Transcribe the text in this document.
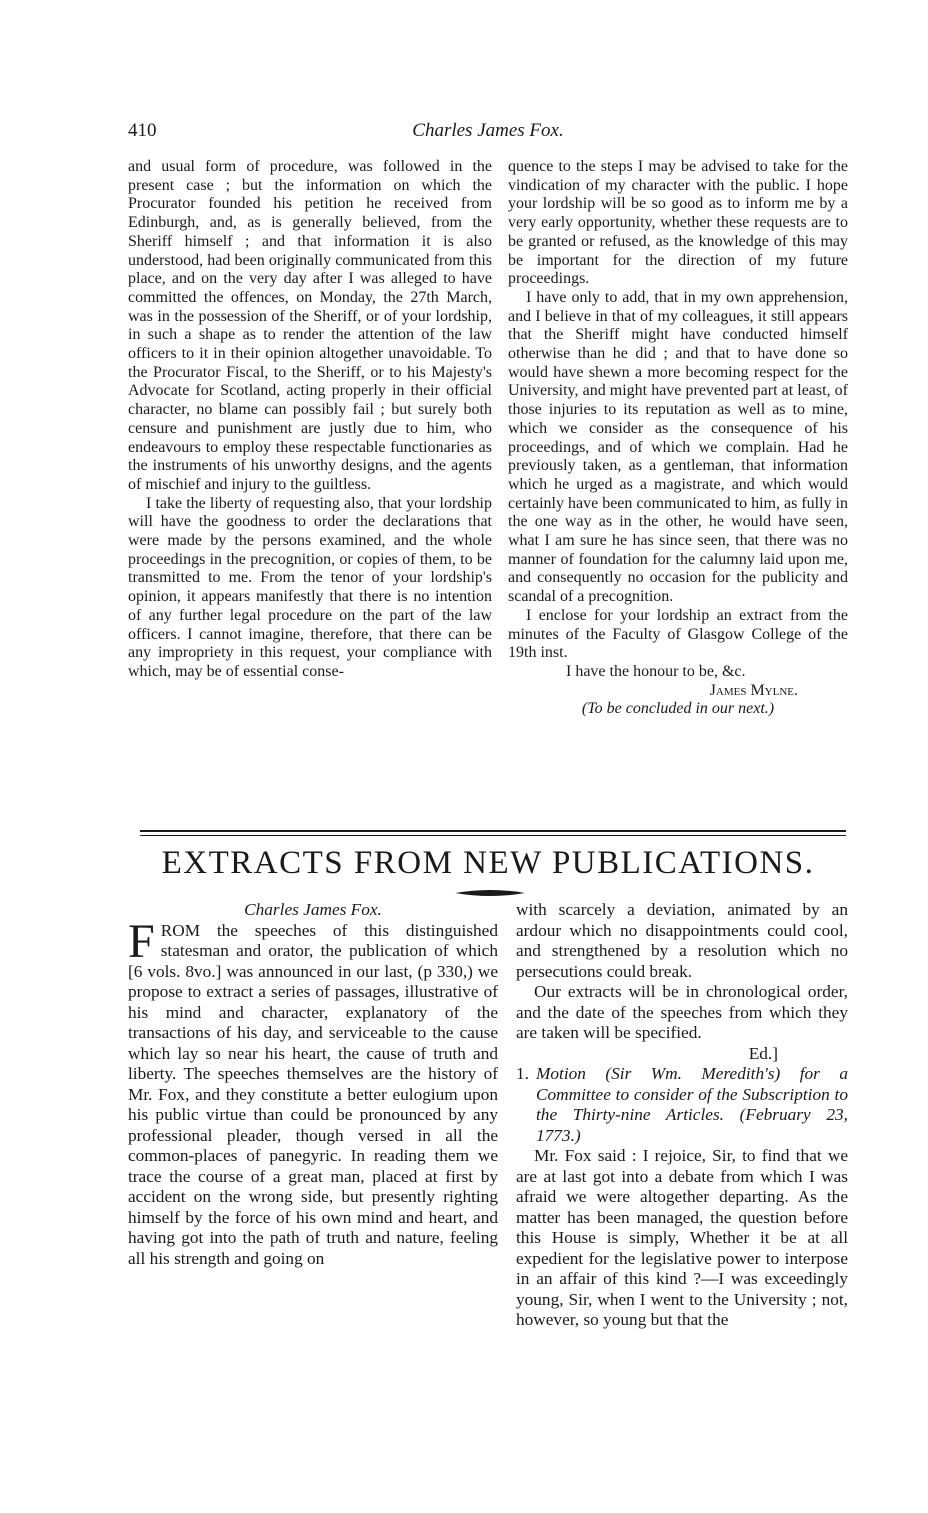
410	Charles James Fox.

and usual form of procedure, was followed in the present case ; but the information on which the Procurator founded his petition he received from Edinburgh, and, as is generally believed, from the Sheriff himself ; and that information it is also understood, had been originally communicated from this place, and on the very day after I was alleged to have committed the offences, on Monday, the 27th March, was in the possession of the Sheriff, or of your lordship, in such a shape as to render the attention of the law officers to it in their opinion altogether unavoidable. To the Procurator Fiscal, to the Sheriff, or to his Majesty's Advocate for Scotland, acting properly in their official character, no blame can possibly fail ; but surely both censure and punishment are justly due to him, who endeavours to employ these respectable functionaries as the instruments of his unworthy designs, and the agents of mischief and injury to the guiltless.

I take the liberty of requesting also, that your lordship will have the goodness to order the declarations that were made by the persons examined, and the whole proceedings in the precognition, or copies of them, to be transmitted to me. From the tenor of your lordship's opinion, it appears manifestly that there is no intention of any further legal procedure on the part of the law officers. I cannot imagine, therefore, that there can be any impropriety in this request, your compliance with which, may be of essential conse-

quence to the steps I may be advised to take for the vindication of my character with the public. I hope your lordship will be so good as to inform me by a very early opportunity, whether these requests are to be granted or refused, as the knowledge of this may be important for the direction of my future proceedings.

I have only to add, that in my own apprehension, and I believe in that of my colleagues, it still appears that the Sheriff might have conducted himself otherwise than he did ; and that to have done so would have shewn a more becoming respect for the University, and might have prevented part at least, of those injuries to its reputation as well as to mine, which we consider as the consequence of his proceedings, and of which we complain. Had he previously taken, as a gentleman, that information which he urged as a magistrate, and which would certainly have been communicated to him, as fully in the one way as in the other, he would have seen, what I am sure he has since seen, that there was no manner of foundation for the calumny laid upon me, and consequently no occasion for the publicity and scandal of a precognition.

I enclose for your lordship an extract from the minutes of the Faculty of Glasgow College of the 19th inst.

I have the honour to be, &c.

James Mylne.

(To be concluded in our next.)

EXTRACTS FROM NEW PUBLICATIONS.

Charles James Fox.

FROM the speeches of this distinguished statesman and orator, the publication of which [6 vols. 8vo.] was announced in our last, (p 330,) we propose to extract a series of passages, illustrative of his mind and character, explanatory of the transactions of his day, and serviceable to the cause which lay so near his heart, the cause of truth and liberty. The speeches themselves are the history of Mr. Fox, and they constitute a better eulogium upon his public virtue than could be pronounced by any professional pleader, though versed in all the common-places of panegyric. In reading them we trace the course of a great man, placed at first by accident on the wrong side, but presently righting himself by the force of his own mind and heart, and having got into the path of truth and nature, feeling all his strength and going on

with scarcely a deviation, animated by an ardour which no disappointments could cool, and strengthened by a resolution which no persecutions could break.

Our extracts will be in chronological order, and the date of the speeches from which they are taken will be specified.

Ed.]

1. Motion (Sir Wm. Meredith's) for a Committee to consider of the Subscription to the Thirty-nine Articles. (February 23, 1773.)

Mr. Fox said : I rejoice, Sir, to find that we are at last got into a debate from which I was afraid we were altogether departing. As the matter has been managed, the question before this House is simply, Whether it be at all expedient for the legislative power to interpose in an affair of this kind ?—I was exceedingly young, Sir, when I went to the University ; not, however, so young but that the
